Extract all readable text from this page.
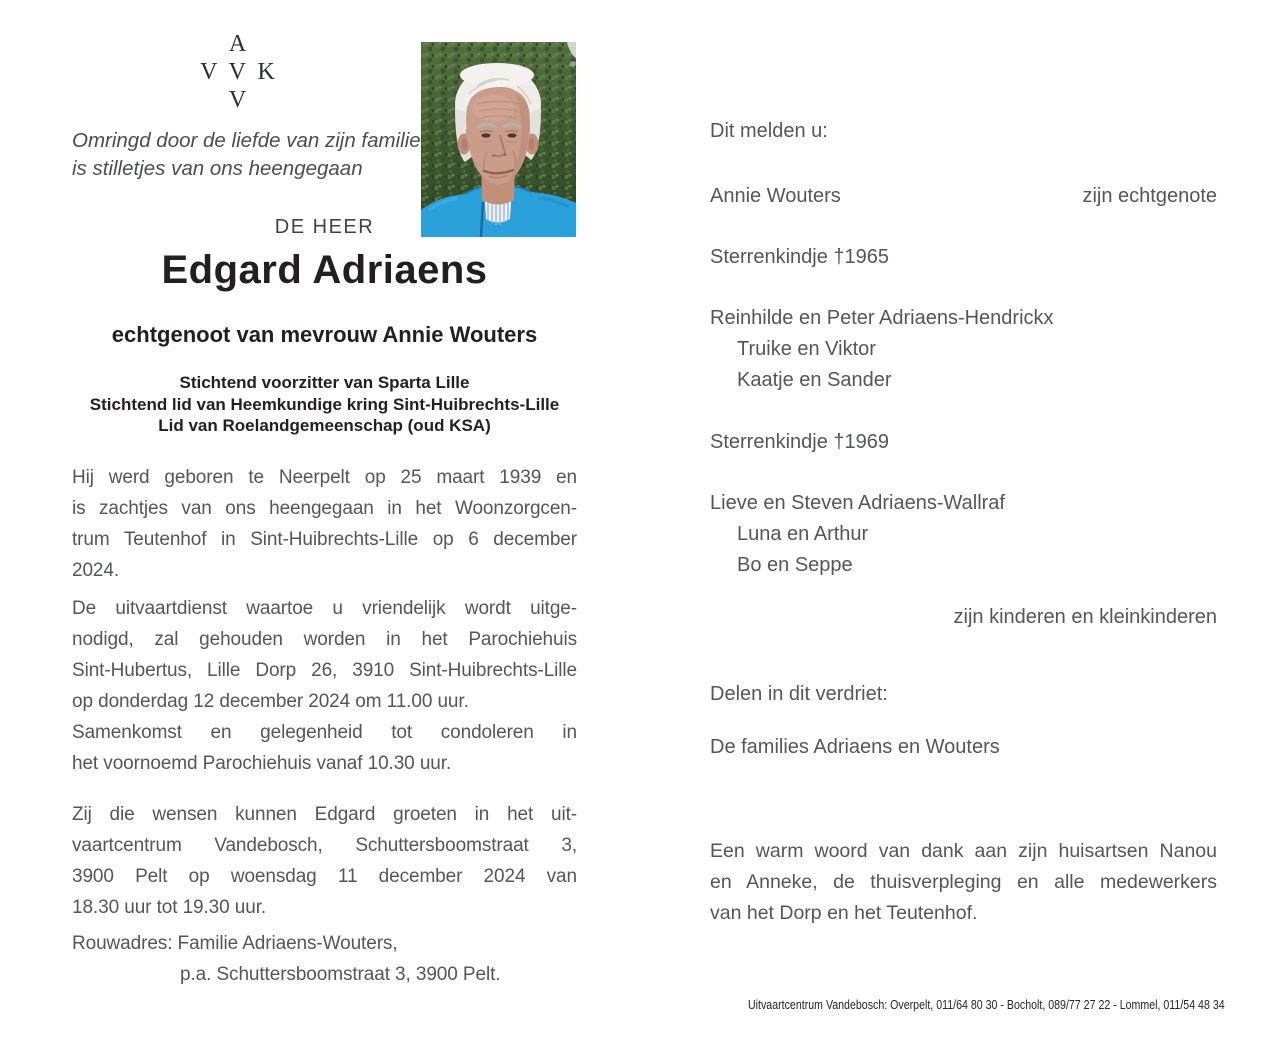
A
V V K
V
Omringd door de liefde van zijn familie
is stilletjes van ons heengegaan
DE HEER
Edgard Adriaens
echtgenoot van mevrouw Annie Wouters
Stichtend voorzitter van Sparta Lille
Stichtend lid van Heemkundige kring Sint-Huibrechts-Lille
Lid van Roelandgemeenschap (oud KSA)
Hij werd geboren te Neerpelt op 25 maart 1939 en
is zachtjes van ons heengegaan in het Woonzorgcen-
trum Teutenhof in Sint-Huibrechts-Lille op 6 december
2024.
De uitvaartdienst waartoe u vriendelijk wordt uitge-
nodigd, zal gehouden worden in het Parochiehuis
Sint-Hubertus, Lille Dorp 26, 3910 Sint-Huibrechts-Lille
op donderdag 12 december 2024 om 11.00 uur.
Samenkomst en gelegenheid tot condoleren in
het voornoemd Parochiehuis vanaf 10.30 uur.
Zij die wensen kunnen Edgard groeten in het uit-
vaartcentrum Vandebosch, Schuttersboomstraat 3,
3900 Pelt op woensdag 11 december 2024 van
18.30 uur tot 19.30 uur.
Rouwadres: Familie Adriaens-Wouters,
p.a. Schuttersboomstraat 3, 3900 Pelt.
Dit melden u:
Annie Wouters	zijn echtgenote
Sterrenkindje †1965
Reinhilde en Peter Adriaens-Hendrickx
Truike en Viktor
Kaatje en Sander
Sterrenkindje †1969
Lieve en Steven Adriaens-Wallraf
Luna en Arthur
Bo en Seppe
zijn kinderen en kleinkinderen
Delen in dit verdriet:
De families Adriaens en Wouters
Een warm woord van dank aan zijn huisartsen Nanou
en Anneke, de thuisverpleging en alle medewerkers
van het Dorp en het Teutenhof.
Uitvaartcentrum Vandebosch: Overpelt, 011/64 80 30 - Bocholt, 089/77 27 22 - Lommel, 011/54 48 34
